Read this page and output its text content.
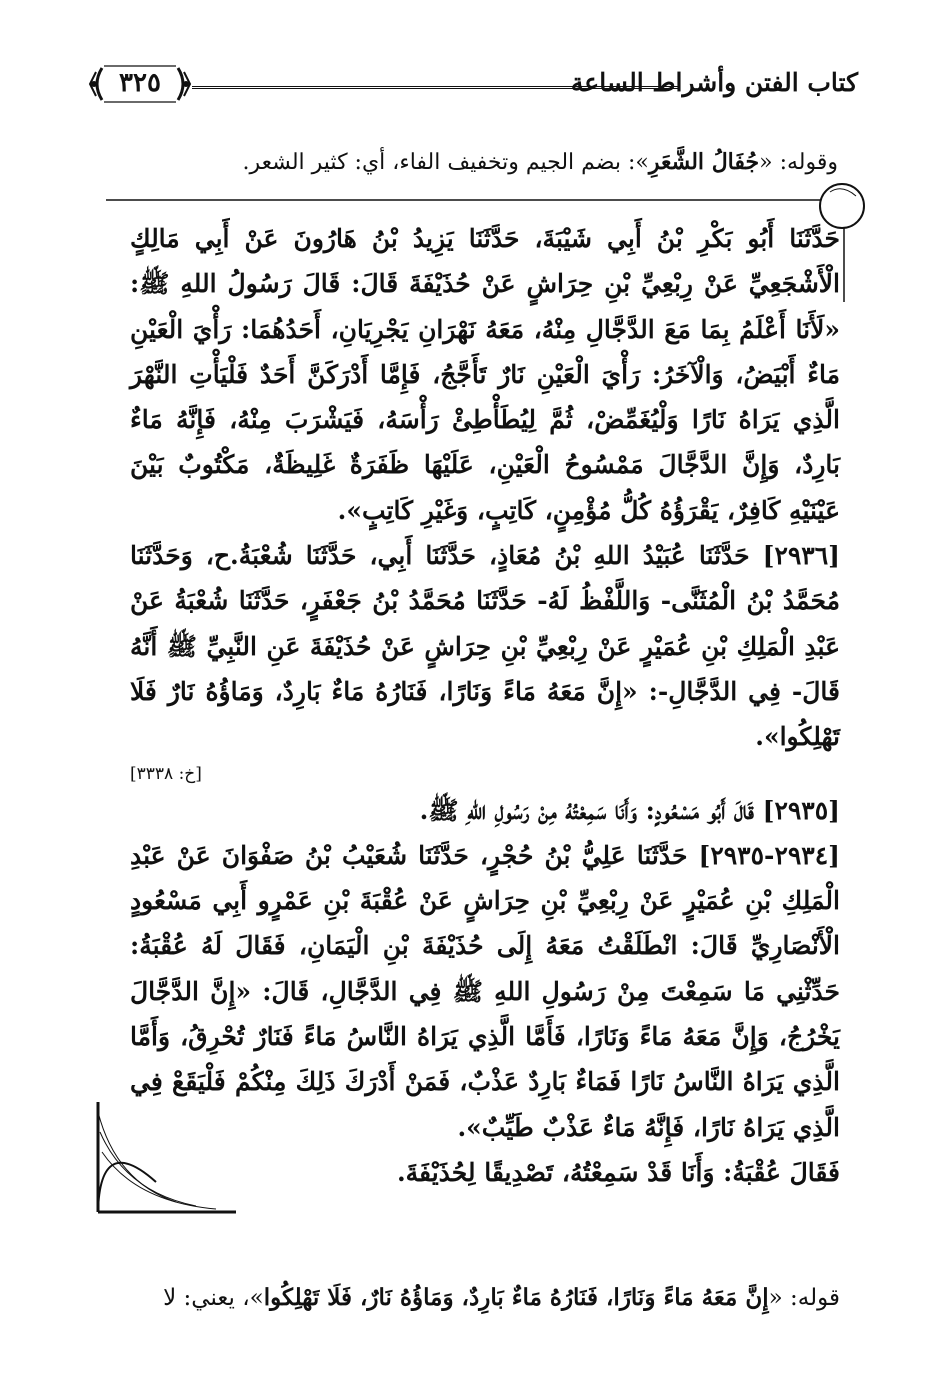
٣٢٥	كتاب الفتن وأشراط الساعة
وقوله: «جُفَالُ الشَّعَرِ»: بضم الجيم وتخفيف الفاء، أي: كثير الشعر.

حَدَّثَنَا أَبُو بَكْرِ بْنُ أَبِي شَيْبَةَ، حَدَّثَنَا يَزِيدُ بْنُ هَارُونَ عَنْ أَبِي مَالِكٍ الْأَشْجَعِيِّ عَنْ رِبْعِيِّ بْنِ حِرَاشٍ عَنْ حُذَيْفَةَ قَالَ: قَالَ رَسُولُ اللهِ ﷺ: «لَأَنَا أَعْلَمُ بِمَا مَعَ الدَّجَّالِ مِنْهُ، مَعَهُ نَهْرَانِ يَجْرِيَانِ، أَحَدُهُمَا: رَأْيَ الْعَيْنِ مَاءٌ أَبْيَضُ، وَالْآخَرُ: رَأْيَ الْعَيْنِ نَارٌ تَأَجَّجُ، فَإِمَّا أَدْرَكَنَّ أَحَدٌ فَلْيَأْتِ النَّهْرَ الَّذِي يَرَاهُ نَارًا وَلْيُغَمِّضْ، ثُمَّ لِيُطَأْطِئْ رَأْسَهُ، فَيَشْرَبَ مِنْهُ، فَإِنَّهُ مَاءٌ بَارِدٌ، وَإِنَّ الدَّجَّالَ مَمْسُوحُ الْعَيْنِ، عَلَيْهَا ظَفَرَةٌ غَلِيظَةٌ، مَكْتُوبٌ بَيْنَ عَيْنَيْهِ كَافِرٌ، يَقْرَؤُهُ كُلُّ مُؤْمِنٍ، كَاتِبٍ، وَغَيْرِ كَاتِبٍ».

[٢٩٣٦] حَدَّثَنَا عُبَيْدُ اللهِ بْنُ مُعَاذٍ، حَدَّثَنَا أَبِي، حَدَّثَنَا شُعْبَةُ.ح، وَحَدَّثَنَا مُحَمَّدُ بْنُ الْمُثَنَّى- وَاللَّفْظُ لَهُ- حَدَّثَنَا مُحَمَّدُ بْنُ جَعْفَرٍ، حَدَّثَنَا شُعْبَةُ عَنْ عَبْدِ الْمَلِكِ بْنِ عُمَيْرٍ عَنْ رِبْعِيِّ بْنِ حِرَاشٍ عَنْ حُذَيْفَةَ عَنِ النَّبِيِّ ﷺ أَنَّهُ قَالَ- فِي الدَّجَّالِ-: «إِنَّ مَعَهُ مَاءً وَنَارًا، فَنَارُهُ مَاءٌ بَارِدٌ، وَمَاؤُهُ نَارٌ فَلَا تَهْلِكُوا».

[خ: ٣٣٣٨]

[٢٩٣٥] قَالَ أَبُو مَسْعُودٍ: وَأَنَا سَمِعْتُهُ مِنْ رَسُولِ اللهِ ﷺ.

[٢٩٣٤-٢٩٣٥] حَدَّثَنَا عَلِيُّ بْنُ حُجْرٍ، حَدَّثَنَا شُعَيْبُ بْنُ صَفْوَانَ عَنْ عَبْدِ الْمَلِكِ بْنِ عُمَيْرٍ عَنْ رِبْعِيِّ بْنِ حِرَاشٍ عَنْ عُقْبَةَ بْنِ عَمْرٍو أَبِي مَسْعُودٍ الْأَنْصَارِيِّ قَالَ: انْطَلَقْتُ مَعَهُ إِلَى حُذَيْفَةَ بْنِ الْيَمَانِ، فَقَالَ لَهُ عُقْبَةُ: حَدِّثْنِي مَا سَمِعْتَ مِنْ رَسُولِ اللهِ ﷺ فِي الدَّجَّالِ، قَالَ: «إِنَّ الدَّجَّالَ يَخْرُجُ، وَإِنَّ مَعَهُ مَاءً وَنَارًا، فَأَمَّا الَّذِي يَرَاهُ النَّاسُ مَاءً فَنَارٌ تُحْرِقُ، وَأَمَّا الَّذِي يَرَاهُ النَّاسُ نَارًا فَمَاءٌ بَارِدٌ عَذْبٌ، فَمَنْ أَدْرَكَ ذَلِكَ مِنْكُمْ فَلْيَقَعْ فِي الَّذِي يَرَاهُ نَارًا، فَإِنَّهُ مَاءٌ عَذْبٌ طَيِّبٌ».

فَقَالَ عُقْبَةُ: وَأَنَا قَدْ سَمِعْتُهُ، تَصْدِيقًا لِحُذَيْفَةَ.

قوله: «إِنَّ مَعَهُ مَاءً وَنَارًا، فَنَارُهُ مَاءٌ بَارِدٌ، وَمَاؤُهُ نَارٌ، فَلَا تَهْلِكُوا»، يعني: لا
